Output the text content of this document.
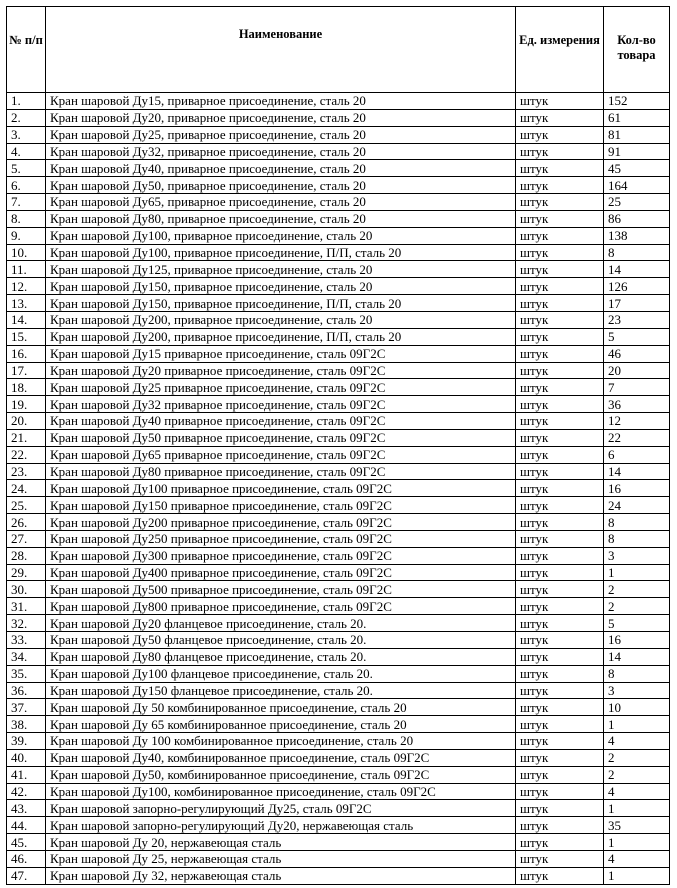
№ п/п	Наименование	Ед. измерения	Кол-во товара

1.	Кран шаровой Ду15, приварное присоединение, сталь 20	штук	152
2.	Кран шаровой Ду20, приварное присоединение, сталь 20	штук	61
3.	Кран шаровой Ду25, приварное присоединение, сталь 20	штук	81
4.	Кран шаровой Ду32, приварное присоединение, сталь 20	штук	91
5.	Кран шаровой Ду40, приварное присоединение, сталь 20	штук	45
6.	Кран шаровой Ду50, приварное присоединение, сталь 20	штук	164
7.	Кран шаровой Ду65, приварное присоединение, сталь 20	штук	25
8.	Кран шаровой Ду80, приварное присоединение, сталь 20	штук	86
9.	Кран шаровой Ду100, приварное присоединение, сталь 20	штук	138
10.	Кран шаровой Ду100, приварное присоединение, П/П, сталь 20	штук	8
11.	Кран шаровой Ду125, приварное присоединение, сталь 20	штук	14
12.	Кран шаровой Ду150, приварное присоединение, сталь 20	штук	126
13.	Кран шаровой Ду150, приварное присоединение, П/П, сталь 20	штук	17
14.	Кран шаровой Ду200, приварное присоединение, сталь 20	штук	23
15.	Кран шаровой Ду200, приварное присоединение, П/П, сталь 20	штук	5
16.	Кран шаровой Ду15 приварное присоединение, сталь 09Г2С	штук	46
17.	Кран шаровой Ду20 приварное присоединение, сталь 09Г2С	штук	20
18.	Кран шаровой Ду25 приварное присоединение, сталь 09Г2С	штук	7
19.	Кран шаровой Ду32 приварное присоединение, сталь 09Г2С	штук	36
20.	Кран шаровой Ду40 приварное присоединение, сталь 09Г2С	штук	12
21.	Кран шаровой Ду50 приварное присоединение, сталь 09Г2С	штук	22
22.	Кран шаровой Ду65 приварное присоединение, сталь 09Г2С	штук	6
23.	Кран шаровой Ду80 приварное присоединение, сталь 09Г2С	штук	14
24.	Кран шаровой Ду100 приварное присоединение, сталь 09Г2С	штук	16
25.	Кран шаровой Ду150 приварное присоединение, сталь 09Г2С	штук	24
26.	Кран шаровой Ду200 приварное присоединение, сталь 09Г2С	штук	8
27.	Кран шаровой Ду250 приварное присоединение, сталь 09Г2С	штук	8
28.	Кран шаровой Ду300 приварное присоединение, сталь 09Г2С	штук	3
29.	Кран шаровой Ду400 приварное присоединение, сталь 09Г2С	штук	1
30.	Кран шаровой Ду500 приварное присоединение, сталь 09Г2С	штук	2
31.	Кран шаровой Ду800 приварное присоединение, сталь 09Г2С	штук	2
32.	Кран шаровой Ду20 фланцевое присоединение, сталь 20.	штук	5
33.	Кран шаровой Ду50 фланцевое присоединение, сталь 20.	штук	16
34.	Кран шаровой Ду80 фланцевое присоединение, сталь 20.	штук	14
35.	Кран шаровой Ду100 фланцевое присоединение, сталь 20.	штук	8
36.	Кран шаровой Ду150 фланцевое присоединение, сталь 20.	штук	3
37.	Кран шаровой Ду 50 комбинированное присоединение, сталь 20	штук	10
38.	Кран шаровой Ду 65 комбинированное присоединение, сталь 20	штук	1
39.	Кран шаровой Ду 100 комбинированное присоединение, сталь 20	штук	4
40.	Кран шаровой Ду40, комбинированное присоединение, сталь 09Г2С	штук	2
41.	Кран шаровой Ду50, комбинированное присоединение, сталь 09Г2С	штук	2
42.	Кран шаровой Ду100, комбинированное присоединение, сталь 09Г2С	штук	4
43.	Кран шаровой запорно-регулирующий Ду25, сталь 09Г2С	штук	1
44.	Кран шаровой запорно-регулирующий Ду20, нержавеющая сталь	штук	35
45.	Кран шаровой Ду 20, нержавеющая сталь	штук	1
46.	Кран шаровой Ду 25, нержавеющая сталь	штук	4
47.	Кран шаровой Ду 32, нержавеющая сталь	штук	1
